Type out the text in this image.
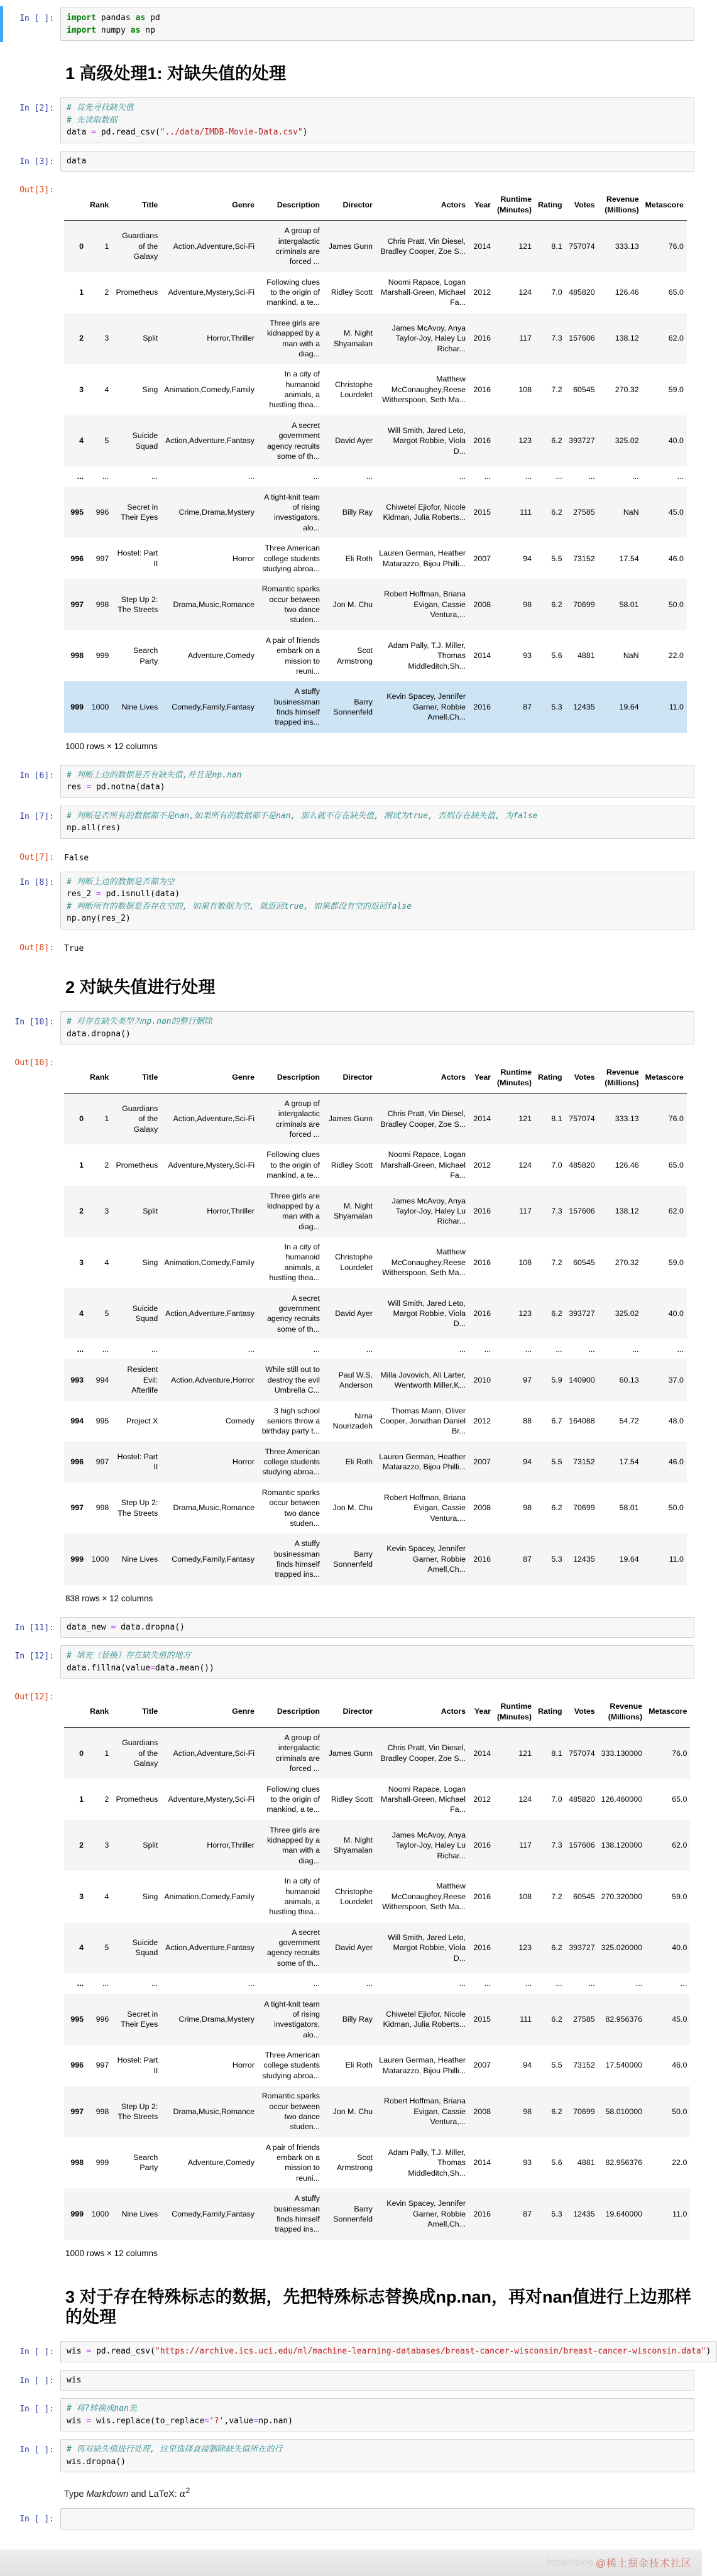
In [ ]:	import pandas as pd
import numpy as np
1 高级处理1: 对缺失值的处理
In [2]:	# 首先寻找缺失值
# 先读取数据
data = pd.read_csv("../data/IMDB-Movie-Data.csv")
In [3]:	data
Out[3]:
	Rank	Title	Genre	Description	Director	Actors	Year	Runtime (Minutes)	Rating	Votes	Revenue (Millions)	Metascore
0	1	Guardians of the Galaxy	Action,Adventure,Sci-Fi	A group of intergalactic criminals are forced ...	James Gunn	Chris Pratt, Vin Diesel, Bradley Cooper, Zoe S...	2014	121	8.1	757074	333.13	76.0
1	2	Prometheus	Adventure,Mystery,Sci-Fi	Following clues to the origin of mankind, a te...	Ridley Scott	Noomi Rapace, Logan Marshall-Green, Michael Fa...	2012	124	7.0	485820	126.46	65.0
2	3	Split	Horror,Thriller	Three girls are kidnapped by a man with a diag...	M. Night Shyamalan	James McAvoy, Anya Taylor-Joy, Haley Lu Richar...	2016	117	7.3	157606	138.12	62.0
3	4	Sing	Animation,Comedy,Family	In a city of humanoid animals, a hustling thea...	Christophe Lourdelet	Matthew McConaughey,Reese Witherspoon, Seth Ma...	2016	108	7.2	60545	270.32	59.0
4	5	Suicide Squad	Action,Adventure,Fantasy	A secret government agency recruits some of th...	David Ayer	Will Smith, Jared Leto, Margot Robbie, Viola D...	2016	123	6.2	393727	325.02	40.0
...	...	...	...	...	...	...	...	...	...	...	...	...
995	996	Secret in Their Eyes	Crime,Drama,Mystery	A tight-knit team of rising investigators, alo...	Billy Ray	Chiwetel Ejiofor, Nicole Kidman, Julia Roberts...	2015	111	6.2	27585	NaN	45.0
996	997	Hostel: Part II	Horror	Three American college students studying abroa...	Eli Roth	Lauren German, Heather Matarazzo, Bijou Philli...	2007	94	5.5	73152	17.54	46.0
997	998	Step Up 2: The Streets	Drama,Music,Romance	Romantic sparks occur between two dance studen...	Jon M. Chu	Robert Hoffman, Briana Evigan, Cassie Ventura,...	2008	98	6.2	70699	58.01	50.0
998	999	Search Party	Adventure,Comedy	A pair of friends embark on a mission to reuni...	Scot Armstrong	Adam Pally, T.J. Miller, Thomas Middleditch,Sh...	2014	93	5.6	4881	NaN	22.0
999	1000	Nine Lives	Comedy,Family,Fantasy	A stuffy businessman finds himself trapped ins...	Barry Sonnenfeld	Kevin Spacey, Jennifer Garner, Robbie Amell,Ch...	2016	87	5.3	12435	19.64	11.0
1000 rows × 12 columns
In [6]:	# 判断上边的数据是否有缺失值,并且是np.nan
res = pd.notna(data)
In [7]:	# 判断是否所有的数据都不是nan,如果所有的数据都不是nan, 那么就不存在缺失值, 测试为true, 否则存在缺失值, 为false
np.all(res)
Out[7]:	False
In [8]:	# 判断上边的数据是否都为空
res_2 = pd.isnull(data)
# 判断所有的数据是否存在空的, 如果有数据为空, 就返回true, 如果都没有空的返回false
np.any(res_2)
Out[8]:	True
2 对缺失值进行处理
In [10]:	# 对存在缺失类型为np.nan的整行删除
data.dropna()
Out[10]:
	Rank	Title	Genre	Description	Director	Actors	Year	Runtime (Minutes)	Rating	Votes	Revenue (Millions)	Metascore
0	1	Guardians of the Galaxy	Action,Adventure,Sci-Fi	A group of intergalactic criminals are forced ...	James Gunn	Chris Pratt, Vin Diesel, Bradley Cooper, Zoe S...	2014	121	8.1	757074	333.13	76.0
1	2	Prometheus	Adventure,Mystery,Sci-Fi	Following clues to the origin of mankind, a te...	Ridley Scott	Noomi Rapace, Logan Marshall-Green, Michael Fa...	2012	124	7.0	485820	126.46	65.0
2	3	Split	Horror,Thriller	Three girls are kidnapped by a man with a diag...	M. Night Shyamalan	James McAvoy, Anya Taylor-Joy, Haley Lu Richar...	2016	117	7.3	157606	138.12	62.0
3	4	Sing	Animation,Comedy,Family	In a city of humanoid animals, a hustling thea...	Christophe Lourdelet	Matthew McConaughey,Reese Witherspoon, Seth Ma...	2016	108	7.2	60545	270.32	59.0
4	5	Suicide Squad	Action,Adventure,Fantasy	A secret government agency recruits some of th...	David Ayer	Will Smith, Jared Leto, Margot Robbie, Viola D...	2016	123	6.2	393727	325.02	40.0
...	...	...	...	...	...	...	...	...	...	...	...	...
993	994	Resident Evil: Afterlife	Action,Adventure,Horror	While still out to destroy the evil Umbrella C...	Paul W.S. Anderson	Milla Jovovich, Ali Larter, Wentworth Miller,K...	2010	97	5.9	140900	60.13	37.0
994	995	Project X	Comedy	3 high school seniors throw a birthday party t...	Nima Nourizadeh	Thomas Mann, Oliver Cooper, Jonathan Daniel Br...	2012	88	6.7	164088	54.72	48.0
996	997	Hostel: Part II	Horror	Three American college students studying abroa...	Eli Roth	Lauren German, Heather Matarazzo, Bijou Philli...	2007	94	5.5	73152	17.54	46.0
997	998	Step Up 2: The Streets	Drama,Music,Romance	Romantic sparks occur between two dance studen...	Jon M. Chu	Robert Hoffman, Briana Evigan, Cassie Ventura,...	2008	98	6.2	70699	58.01	50.0
999	1000	Nine Lives	Comedy,Family,Fantasy	A stuffy businessman finds himself trapped ins...	Barry Sonnenfeld	Kevin Spacey, Jennifer Garner, Robbie Amell,Ch...	2016	87	5.3	12435	19.64	11.0
838 rows × 12 columns
In [11]:	data_new = data.dropna()
In [12]:	# 填充（替换）存在缺失值的地方
data.fillna(value=data.mean())
Out[12]:
	Rank	Title	Genre	Description	Director	Actors	Year	Runtime (Minutes)	Rating	Votes	Revenue (Millions)	Metascore
0	1	Guardians of the Galaxy	Action,Adventure,Sci-Fi	A group of intergalactic criminals are forced ...	James Gunn	Chris Pratt, Vin Diesel, Bradley Cooper, Zoe S...	2014	121	8.1	757074	333.130000	76.0
1	2	Prometheus	Adventure,Mystery,Sci-Fi	Following clues to the origin of mankind, a te...	Ridley Scott	Noomi Rapace, Logan Marshall-Green, Michael Fa...	2012	124	7.0	485820	126.460000	65.0
2	3	Split	Horror,Thriller	Three girls are kidnapped by a man with a diag...	M. Night Shyamalan	James McAvoy, Anya Taylor-Joy, Haley Lu Richar...	2016	117	7.3	157606	138.120000	62.0
3	4	Sing	Animation,Comedy,Family	In a city of humanoid animals, a hustling thea...	Christophe Lourdelet	Matthew McConaughey,Reese Witherspoon, Seth Ma...	2016	108	7.2	60545	270.320000	59.0
4	5	Suicide Squad	Action,Adventure,Fantasy	A secret government agency recruits some of th...	David Ayer	Will Smith, Jared Leto, Margot Robbie, Viola D...	2016	123	6.2	393727	325.020000	40.0
...	...	...	...	...	...	...	...	...	...	...	...	...
995	996	Secret in Their Eyes	Crime,Drama,Mystery	A tight-knit team of rising investigators, alo...	Billy Ray	Chiwetel Ejiofor, Nicole Kidman, Julia Roberts...	2015	111	6.2	27585	82.956376	45.0
996	997	Hostel: Part II	Horror	Three American college students studying abroa...	Eli Roth	Lauren German, Heather Matarazzo, Bijou Philli...	2007	94	5.5	73152	17.540000	46.0
997	998	Step Up 2: The Streets	Drama,Music,Romance	Romantic sparks occur between two dance studen...	Jon M. Chu	Robert Hoffman, Briana Evigan, Cassie Ventura,...	2008	98	6.2	70699	58.010000	50.0
998	999	Search Party	Adventure,Comedy	A pair of friends embark on a mission to reuni...	Scot Armstrong	Adam Pally, T.J. Miller, Thomas Middleditch,Sh...	2014	93	5.6	4881	82.956376	22.0
999	1000	Nine Lives	Comedy,Family,Fantasy	A stuffy businessman finds himself trapped ins...	Barry Sonnenfeld	Kevin Spacey, Jennifer Garner, Robbie Amell,Ch...	2016	87	5.3	12435	19.640000	11.0
1000 rows × 12 columns
3 对于存在特殊标志的数据，先把特殊标志替换成np.nan，再对nan值进行上边那样的处理
In [ ]:	wis = pd.read_csv("https://archive.ics.uci.edu/ml/machine-learning-databases/breast-cancer-wisconsin/breast-cancer-wisconsin.data")
In [ ]:	wis
In [ ]:	# 将?转换成nan先
wis = wis.replace(to_replace='?',value=np.nan)
In [ ]:	# 再对缺失值进行处理, 这里选择直接删除缺失值所在的行
wis.dropna()
Type Markdown and LaTeX: $\alpha^2$
In [ ]:

https://blog. @稀土掘金技术社区
